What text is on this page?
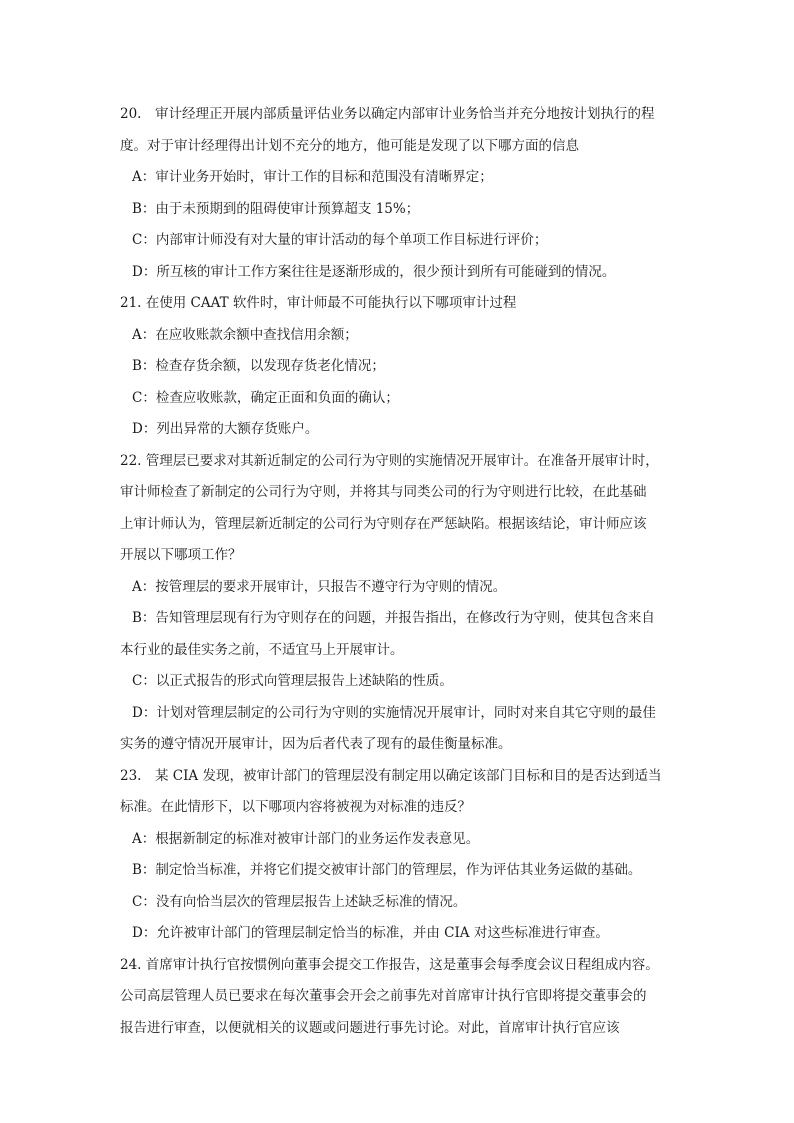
20.　审计经理正开展内部质量评估业务以确定内部审计业务恰当并充分地按计划执行的程
度。对于审计经理得出计划不充分的地方，他可能是发现了以下哪方面的信息
A：审计业务开始时，审计工作的目标和范围没有清晰界定；
B：由于未预期到的阻碍使审计预算超支 15%；
C：内部审计师没有对大量的审计活动的每个单项工作目标进行评价；
D：所互核的审计工作方案往往是逐渐形成的，很少预计到所有可能碰到的情况。
21. 在使用 CAAT 软件时，审计师最不可能执行以下哪项审计过程
A：在应收账款余额中查找信用余额；
B：检查存货余额，以发现存货老化情况；
C：检查应收账款，确定正面和负面的确认；
D：列出异常的大额存货账户。
22. 管理层已要求对其新近制定的公司行为守则的实施情况开展审计。在准备开展审计时，
审计师检查了新制定的公司行为守则，并将其与同类公司的行为守则进行比较，在此基础
上审计师认为，管理层新近制定的公司行为守则存在严惩缺陷。根据该结论，审计师应该
开展以下哪项工作？
A：按管理层的要求开展审计，只报告不遵守行为守则的情况。
B：告知管理层现有行为守则存在的问题，并报告指出，在修改行为守则，使其包含来自
本行业的最佳实务之前，不适宜马上开展审计。
C：以正式报告的形式向管理层报告上述缺陷的性质。
D：计划对管理层制定的公司行为守则的实施情况开展审计，同时对来自其它守则的最佳
实务的遵守情况开展审计，因为后者代表了现有的最佳衡量标准。
23.　某 CIA 发现，被审计部门的管理层没有制定用以确定该部门目标和目的是否达到适当
标准。在此情形下，以下哪项内容将被视为对标准的违反？
A：根据新制定的标准对被审计部门的业务运作发表意见。
B：制定恰当标准，并将它们提交被审计部门的管理层，作为评估其业务运做的基础。
C：没有向恰当层次的管理层报告上述缺乏标准的情况。
D：允许被审计部门的管理层制定恰当的标准，并由 CIA 对这些标准进行审查。
24. 首席审计执行官按惯例向董事会提交工作报告，这是董事会每季度会议日程组成内容。
公司高层管理人员已要求在每次董事会开会之前事先对首席审计执行官即将提交董事会的
报告进行审查，以便就相关的议题或问题进行事先讨论。对此，首席审计执行官应该
